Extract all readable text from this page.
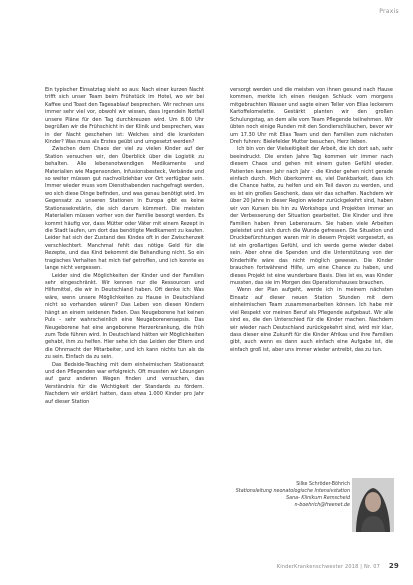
Praxis

Ein typischer Einsatztag sieht so aus: Nach einer kurzen Nacht trifft sich unser Team beim Frühstück im Hotel, wo wir bei Kaffee und Toast den Tagesablauf besprechen. Wir rechnen uns immer sehr viel vor, obwohl wir wissen, dass irgendein Notfall unsere Pläne für den Tag durchkreuzen wird. Um 8.00 Uhr begrüßen wir die Frühschicht in der Klinik und besprechen, was in der Nacht geschehen ist: Welches sind die kranksten Kinder? Was muss als Erstes geübt und umgesetzt werden?

Zwischen dem Chaos der viel zu vielen Kinder auf der Station versuchen wir, den Überblick über die Logistik zu behalten. Alle lebensnotwendigen Medikamente und Materialien wie Magensonden, Infusionsbesteck, Verbände und so weiter müssen gut nachvollziehbar vor Ort verfügbar sein. Immer wieder muss vom Diensthabenden nachgefragt werden, wo sich diese Dinge befinden, und was genau benötigt wird. Im Gegensatz zu unseren Stationen in Europa gibt es keine Stationssekretärin, die sich darum kümmert. Die meisten Materialien müssen vorher von der Familie besorgt werden. Es kommt häufig vor, dass Mütter oder Väter mit einem Rezept in die Stadt laufen, um dort das benötigte Medikament zu kaufen. Leider hat sich der Zustand des Kindes oft in der Zwischenzeit verschlechtert. Manchmal fehlt das nötige Geld für die Rezepte, und das Kind bekommt die Behandlung nicht. So ein tragisches Verhalten hat mich tief getroffen, und ich konnte es lange nicht vergessen.

Leider sind die Möglichkeiten der Kinder und der Familien sehr eingeschränkt. Wir kennen nur die Ressourcen und Hilfsmittel, die wir in Deutschland haben. Oft denke ich: Was wäre, wenn unsere Möglichkeiten zu Hause in Deutschland nicht so vorhanden wären? Das Leben von diesen Kindern hängt an einem seidenen Faden. Das Neugeborene hat keinen Puls - sehr wahrscheinlich eine Neugeborenensepsis. Das Neugeborene hat eine angeborene Herzerkrankung, die früh zum Tode führen wird. In Deutschland hätten wir Möglichkeiten gehabt, ihm zu helfen. Hier sehe ich das Leiden der Eltern und die Ohnmacht der Mitarbeiter, und ich kann nichts tun als da zu sein. Einfach da zu sein.

Das Bedside-Teaching mit dem einheimischen Stationsarzt und den Pflegenden war erfolgreich. Oft mussten wir Lösungen auf ganz anderen Wegen finden und versuchen, das Verständnis für die Wichtigkeit der Standards zu fördern. Nachdem wir erklärt hatten, dass etwa 1.000 Kinder pro Jahr auf dieser Station

versorgt werden und die meisten von ihnen gesund nach Hause kommen, merkte ich einen riesigen Schluck vom morgens mitgebrachten Wasser und sagte einen Teller von Elias leckerem Kartoffelomelette. Gestärkt planten wir den großen Schulungstag, an dem alle vom Team Pflegende teilnehmen. Wir übten noch einige Runden mit den Sondierschläuchen, bevor wir um 17.30 Uhr mit Elias Team und den Familien zum nächsten Dreh fuhren: Bielefelder Mutter besuchen, Herz lieben.

Ich bin von der Vielseitigkeit der Arbeit, die ich dort sah, sehr beeindruckt. Die ersten Jahre Tag kommen wir immer nach diesem Chaos und gehen mit einem guten Gefühl wieder. Patienten kamen Jahr nach Jahr - die Kinder gehen nicht gerade einfach durch. Mich überkommt es, viel Dankbarkeit, dass ich die Chance hatte, zu helfen und ein Teil davon zu werden, und es ist ein großes Geschenk, dass wir das schaffen. Nachdem wir über 20 Jahre in dieser Region wieder zurückgekehrt sind, haben wir von Kursen bis hin zu Workshops und Projekten immer an der Verbesserung der Situation gearbeitet. Die Kinder und ihre Familien haben ihren Lebensraum. Sie haben viele Arbeiten geleistet und sich durch die Wunde gefressen. Die Situation und Druckbefürchtungen waren mir in diesem Projekt vorgesetzt, es ist ein großartiges Gefühl, und ich werde gerne wieder dabei sein. Aber ohne die Spenden und die Unterstützung von der Kinderhilfe wäre das nicht möglich gewesen. Die Kinder brauchen fortwährend Hilfe, um eine Chance zu haben, und dieses Projekt ist eine wunderbare Basis. Dies ist es, was Kinder mussten, das sie im Morgen des Operationshauses brauchen.

Wenn der Plan aufgeht, werde ich in meinem nächsten Einsatz auf dieser neuen Station Stunden mit dem einheimischen Team zusammenarbeiten können. Ich habe mir viel Respekt vor meinen Beruf als Pflegende aufgebaut. Wir alle sind es, die den Unterschied für die Kinder machen. Nachdem wir wieder nach Deutschland zurückgekehrt sind, wird mir klar, dass dieser eine Zukunft für die Kinder Afrikas und ihre Familien gibt, auch wenn es dann auch einfach eine Aufgabe ist, die einfach groß ist, aber uns immer wieder antreibt, das zu tun.

Silke Schröder-Böhrich
Stationsleitung neonatologische Intensivstation
Sana- Klinikum Remscheid
n-boehrich@freenet.de
KinderKrankenschwester 2018 | Nr. 07 29
